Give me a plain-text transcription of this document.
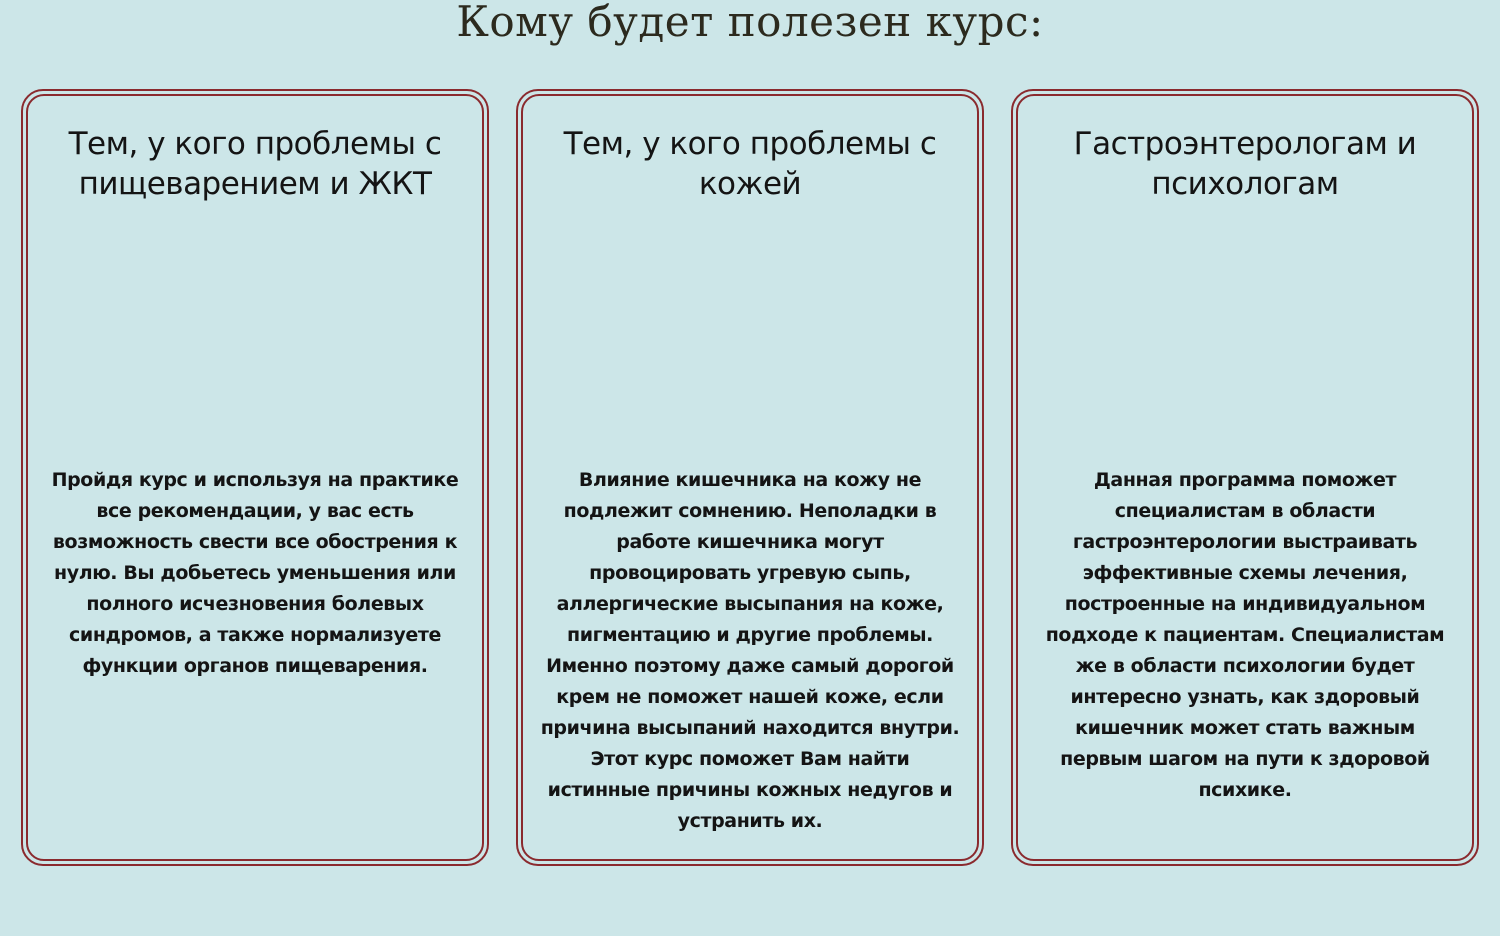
Кому будет полезен курс:
Тем, у кого проблемы с пищеварением и ЖКТ

Пройдя курс и используя на практике все рекомендации, у вас есть возможность свести все обострения к нулю. Вы добьетесь уменьшения или полного исчезновения болевых синдромов, а также нормализуете функции органов пищеварения.

Тем, у кого проблемы с кожей

Влияние кишечника на кожу не подлежит сомнению. Неполадки в работе кишечника могут провоцировать угревую сыпь, аллергические высыпания на коже, пигментацию и другие проблемы. Именно поэтому даже самый дорогой крем не поможет нашей коже, если причина высыпаний находится внутри. Этот курс поможет Вам найти истинные причины кожных недугов и устранить их.

Гастроэнтерологам и психологам

Данная программа поможет специалистам в области гастроэнтерологии выстраивать эффективные схемы лечения, построенные на индивидуальном подходе к пациентам. Специалистам же в области психологии будет интересно узнать, как здоровый кишечник может стать важным первым шагом на пути к здоровой психике.
